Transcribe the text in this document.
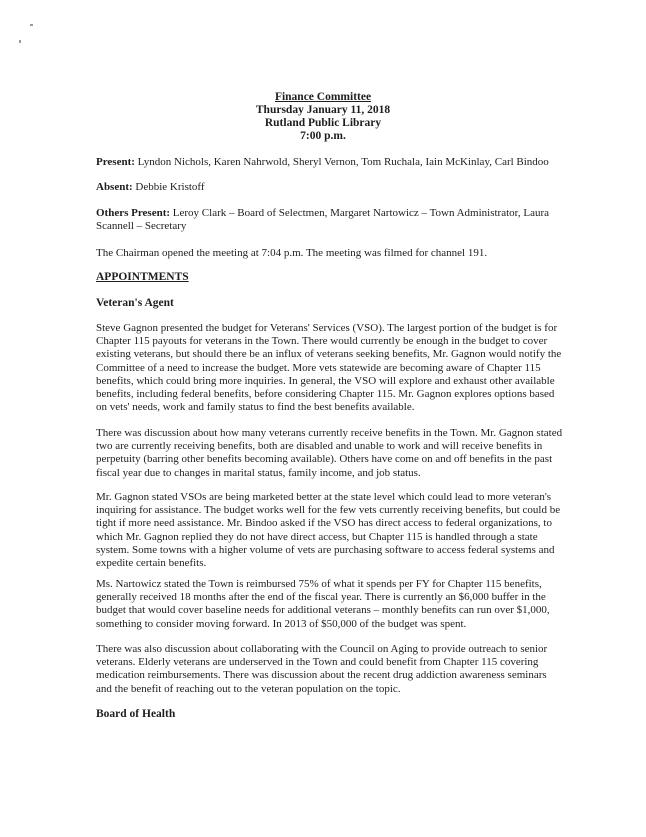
Finance Committee
Thursday January 11, 2018
Rutland Public Library
7:00 p.m.
Present: Lyndon Nichols, Karen Nahrwold, Sheryl Vernon, Tom Ruchala, Iain McKinlay, Carl Bindoo
Absent: Debbie Kristoff
Others Present: Leroy Clark – Board of Selectmen, Margaret Nartowicz – Town Administrator, Laura
Scannell – Secretary
The Chairman opened the meeting at 7:04 p.m. The meeting was filmed for channel 191.
APPOINTMENTS
Veteran's Agent
Steve Gagnon presented the budget for Veterans' Services (VSO). The largest portion of the budget is for
Chapter 115 payouts for veterans in the Town. There would currently be enough in the budget to cover
existing veterans, but should there be an influx of veterans seeking benefits, Mr. Gagnon would notify the
Committee of a need to increase the budget. More vets statewide are becoming aware of Chapter 115
benefits, which could bring more inquiries. In general, the VSO will explore and exhaust other available
benefits, including federal benefits, before considering Chapter 115. Mr. Gagnon explores options based
on vets' needs, work and family status to find the best benefits available.
There was discussion about how many veterans currently receive benefits in the Town. Mr. Gagnon stated
two are currently receiving benefits, both are disabled and unable to work and will receive benefits in
perpetuity (barring other benefits becoming available). Others have come on and off benefits in the past
fiscal year due to changes in marital status, family income, and job status.
Mr. Gagnon stated VSOs are being marketed better at the state level which could lead to more veteran's
inquiring for assistance. The budget works well for the few vets currently receiving benefits, but could be
tight if more need assistance. Mr. Bindoo asked if the VSO has direct access to federal organizations, to
which Mr. Gagnon replied they do not have direct access, but Chapter 115 is handled through a state
system. Some towns with a higher volume of vets are purchasing software to access federal systems and
expedite certain benefits.
Ms. Nartowicz stated the Town is reimbursed 75% of what it spends per FY for Chapter 115 benefits,
generally received 18 months after the end of the fiscal year. There is currently an $6,000 buffer in the
budget that would cover baseline needs for additional veterans – monthly benefits can run over $1,000,
something to consider moving forward. In 2013 of $50,000 of the budget was spent.
There was also discussion about collaborating with the Council on Aging to provide outreach to senior
veterans. Elderly veterans are underserved in the Town and could benefit from Chapter 115 covering
medication reimbursements. There was discussion about the recent drug addiction awareness seminars
and the benefit of reaching out to the veteran population on the topic.
Board of Health
